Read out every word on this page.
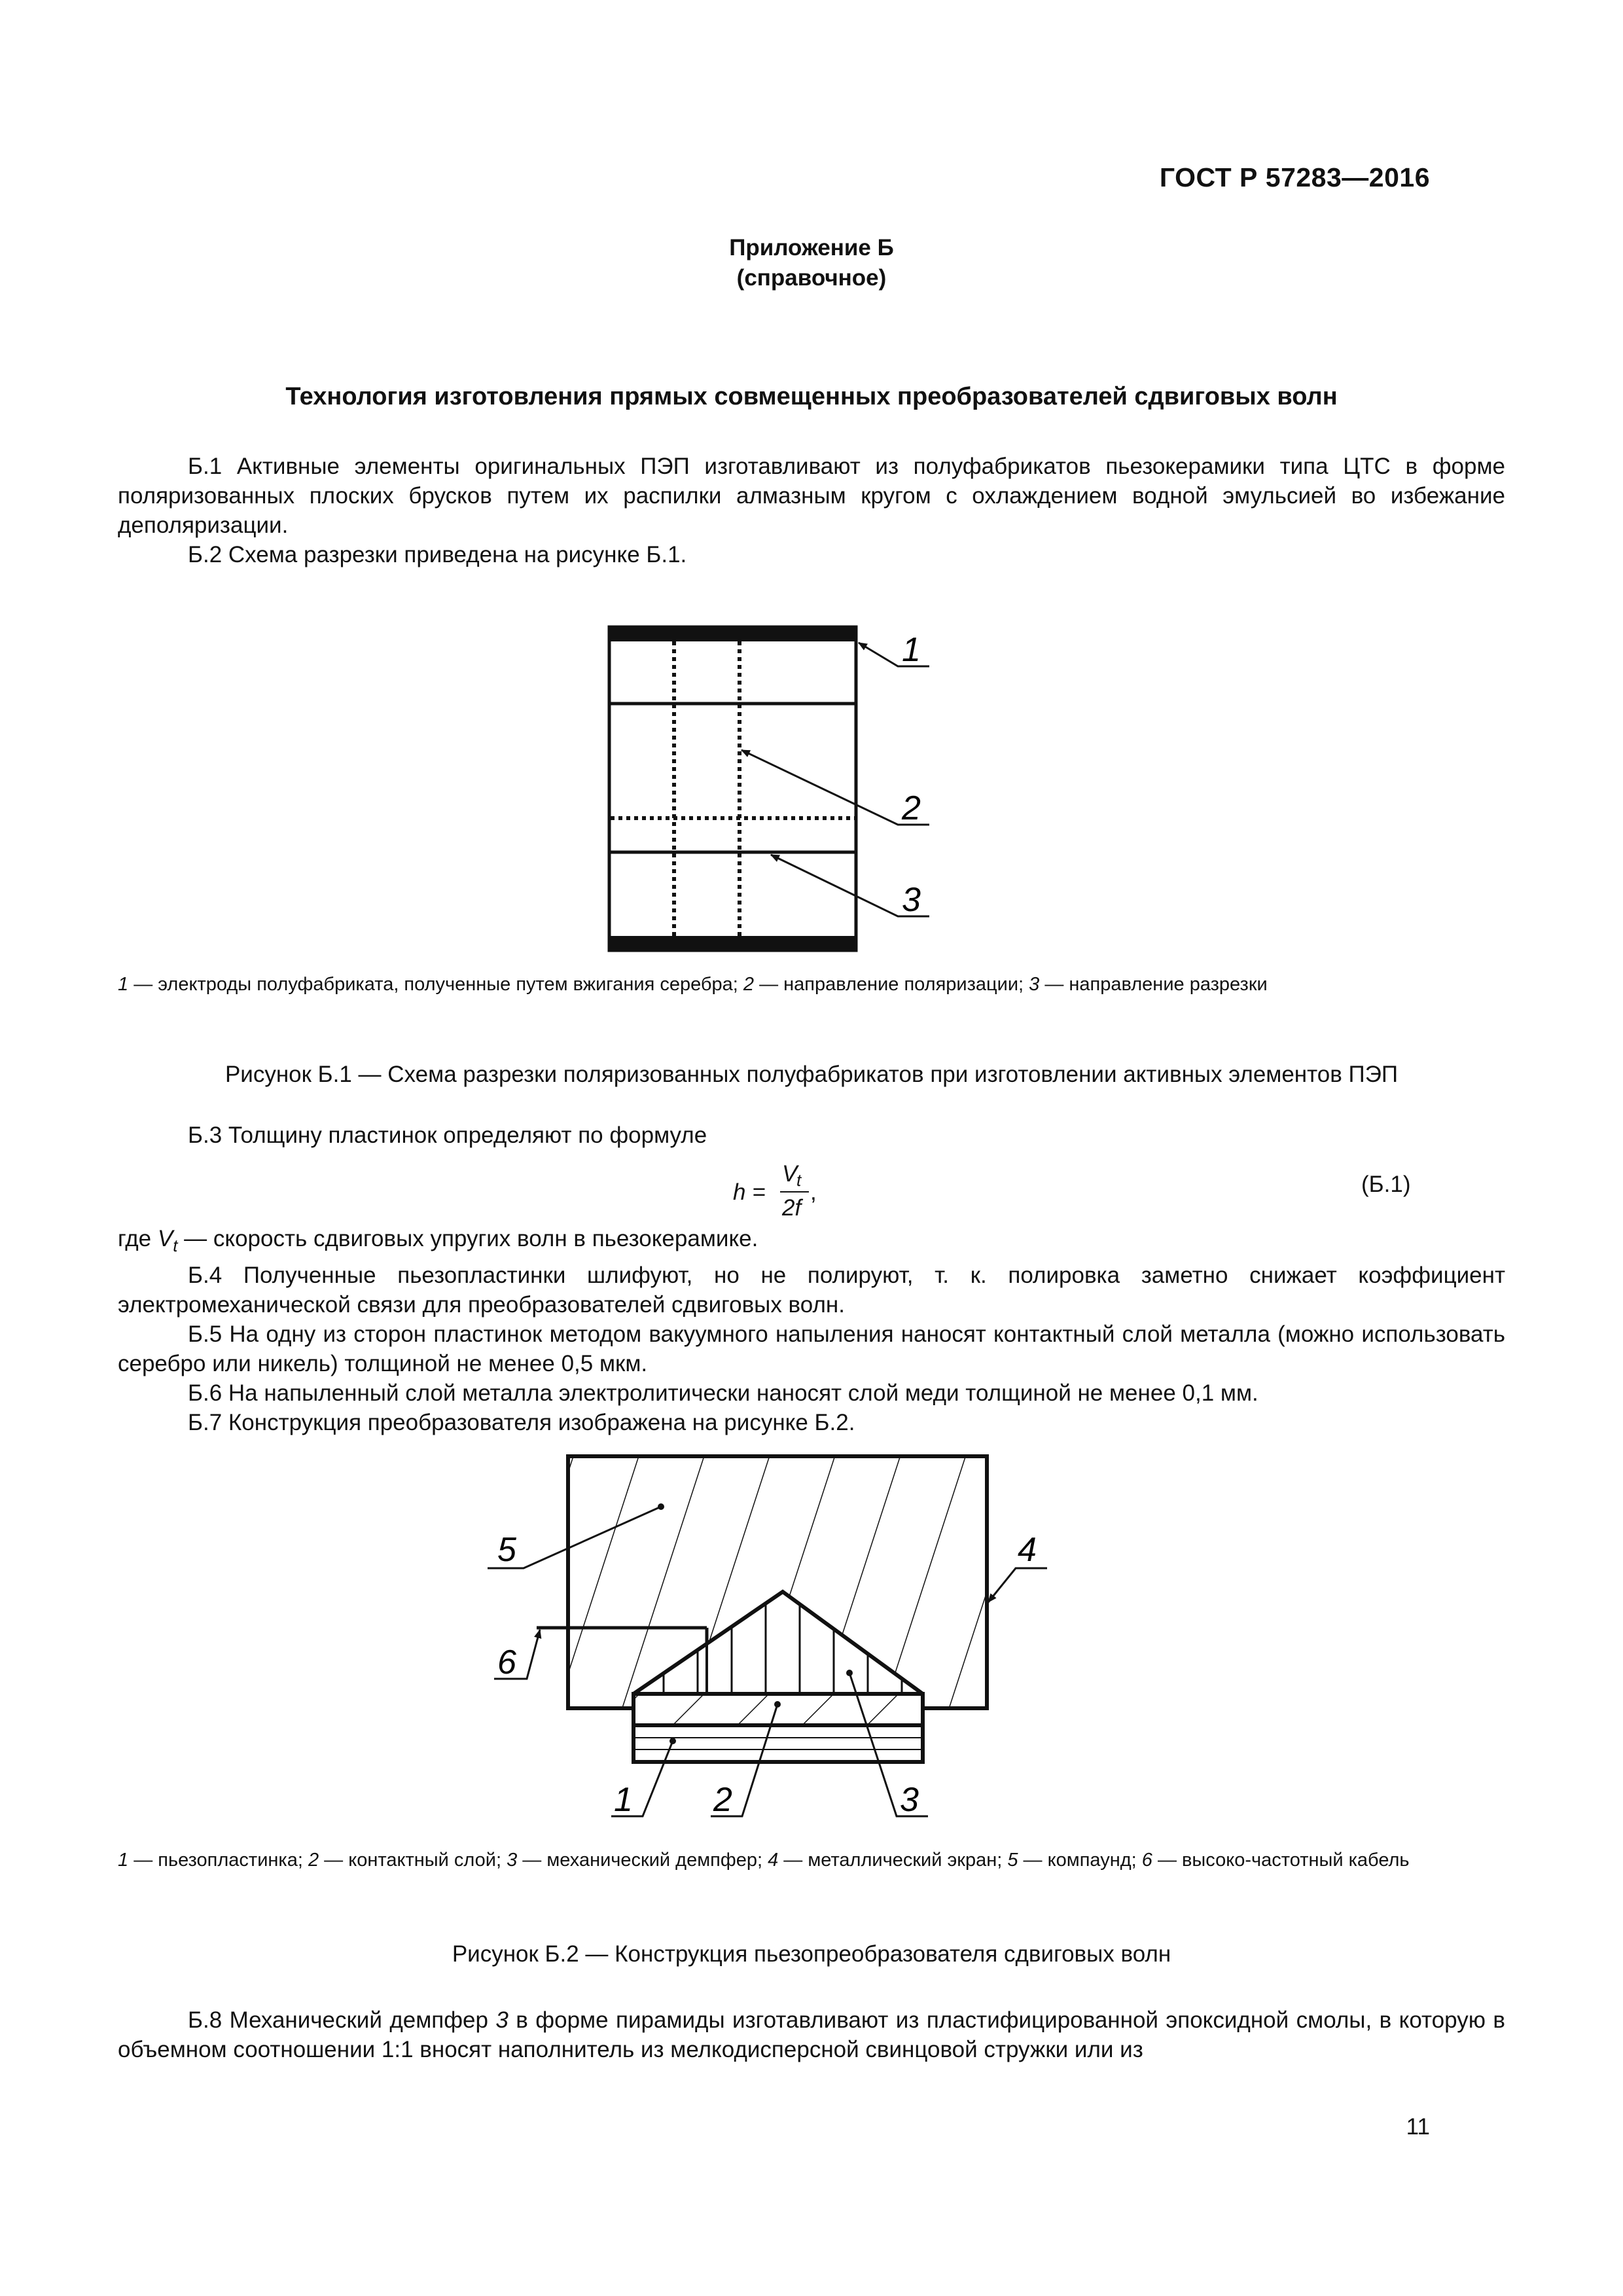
ГОСТ Р 57283—2016
Приложение Б
(справочное)
Технология изготовления прямых совмещенных преобразователей сдвиговых волн

Б.1 Активные элементы оригинальных ПЭП изготавливают из полуфабрикатов пьезокерамики типа ЦТС в форме поляризованных плоских брусков путем их распилки алмазным кругом с охлаждением водной эмульсией во избежание деполяризации.

Б.2 Схема разрезки приведена на рисунке Б.1.

1
2
3
5	4
6
1 2	3
1 — электроды полуфабриката, полученные путем вжигания серебра; 2 — направление поляризации; 3 — направление разрезки
Рисунок Б.1 — Схема разрезки поляризованных полуфабрикатов при изготовлении активных элементов ПЭП

Б.3 Толщину пластинок определяют по формуле

h =
V
t
2f
,	(Б.1)

где $V_t$ — скорость сдвиговых упругих волн в пьезокерамике.

Б.4 Полученные пьезопластинки шлифуют, но не полируют, т. к. полировка заметно снижает коэффициент электромеханической связи для преобразователей сдвиговых волн.

Б.5 На одну из сторон пластинок методом вакуумного напыления наносят контактный слой металла (можно использовать серебро или никель) толщиной не менее 0,5 мкм.

Б.6 На напыленный слой металла электролитически наносят слой меди толщиной не менее 0,1 мм.

Б.7 Конструкция преобразователя изображена на рисунке Б.2.

1 — пьезопластинка; 2 — контактный слой; 3 — механический демпфер; 4 — металлический экран; 5 — компаунд; 6 — высоко-частотный кабель
Рисунок Б.2 — Конструкция пьезопреобразователя сдвиговых волн

Б.8 Механический демпфер 3 в форме пирамиды изготавливают из пластифицированной эпоксидной смолы, в которую в объемном соотношении 1:1 вносят наполнитель из мелкодисперсной свинцовой стружки или из

11
